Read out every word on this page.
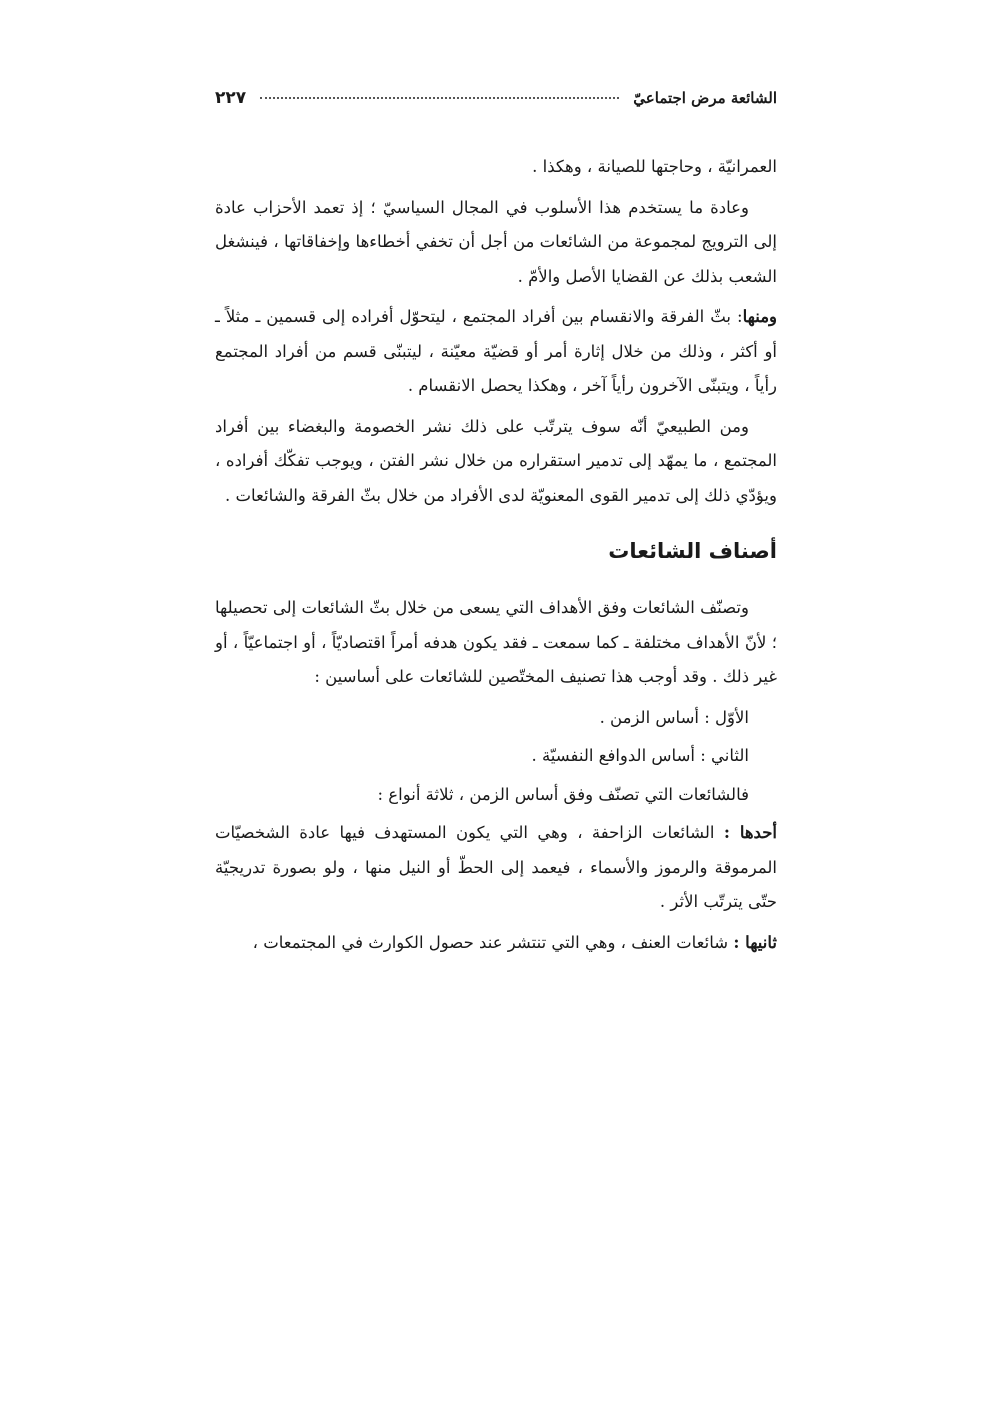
الشائعة مرض اجتماعيّ
٢٢٧

العمرانيّة ، وحاجتها للصيانة ، وهكذا .

وعادة ما يستخدم هذا الأسلوب في المجال السياسيّ ؛ إذ تعمد الأحزاب عادة إلى الترويج لمجموعة من الشائعات من أجل أن تخفي أخطاءها وإخفاقاتها ، فينشغل الشعب بذلك عن القضايا الأصل والأمّ .

ومنها: بثّ الفرقة والانقسام بين أفراد المجتمع ، ليتحوّل أفراده إلى قسمين ـ مثلاً ـ أو أكثر ، وذلك من خلال إثارة أمر أو قضيّة معيّنة ، ليتبنّى قسم من أفراد المجتمع رأياً ، ويتبنّى الآخرون رأياً آخر ، وهكذا يحصل الانقسام .

ومن الطبيعيّ أنّه سوف يترتّب على ذلك نشر الخصومة والبغضاء بين أفراد المجتمع ، ما يمهّد إلى تدمير استقراره من خلال نشر الفتن ، ويوجب تفكّك أفراده ، ويؤدّي ذلك إلى تدمير القوى المعنويّة لدى الأفراد من خلال بثّ الفرقة والشائعات .

أصناف الشائعات

وتصنّف الشائعات وفق الأهداف التي يسعى من خلال بثّ الشائعات إلى تحصيلها ؛ لأنّ الأهداف مختلفة ـ كما سمعت ـ فقد يكون هدفه أمراً اقتصاديّاً ، أو اجتماعيّاً ، أو غير ذلك . وقد أوجب هذا تصنيف المختّصين للشائعات على أساسين :

الأوّل : أساس الزمن .

الثاني : أساس الدوافع النفسيّة .

فالشائعات التي تصنّف وفق أساس الزمن ، ثلاثة أنواع :

أحدها : الشائعات الزاحفة ، وهي التي يكون المستهدف فيها عادة الشخصيّات المرموقة والرموز والأسماء ، فيعمد إلى الحطّ أو النيل منها ، ولو بصورة تدريجيّة حتّى يترتّب الأثر .

ثانيها : شائعات العنف ، وهي التي تنتشر عند حصول الكوارث في المجتمعات ،
